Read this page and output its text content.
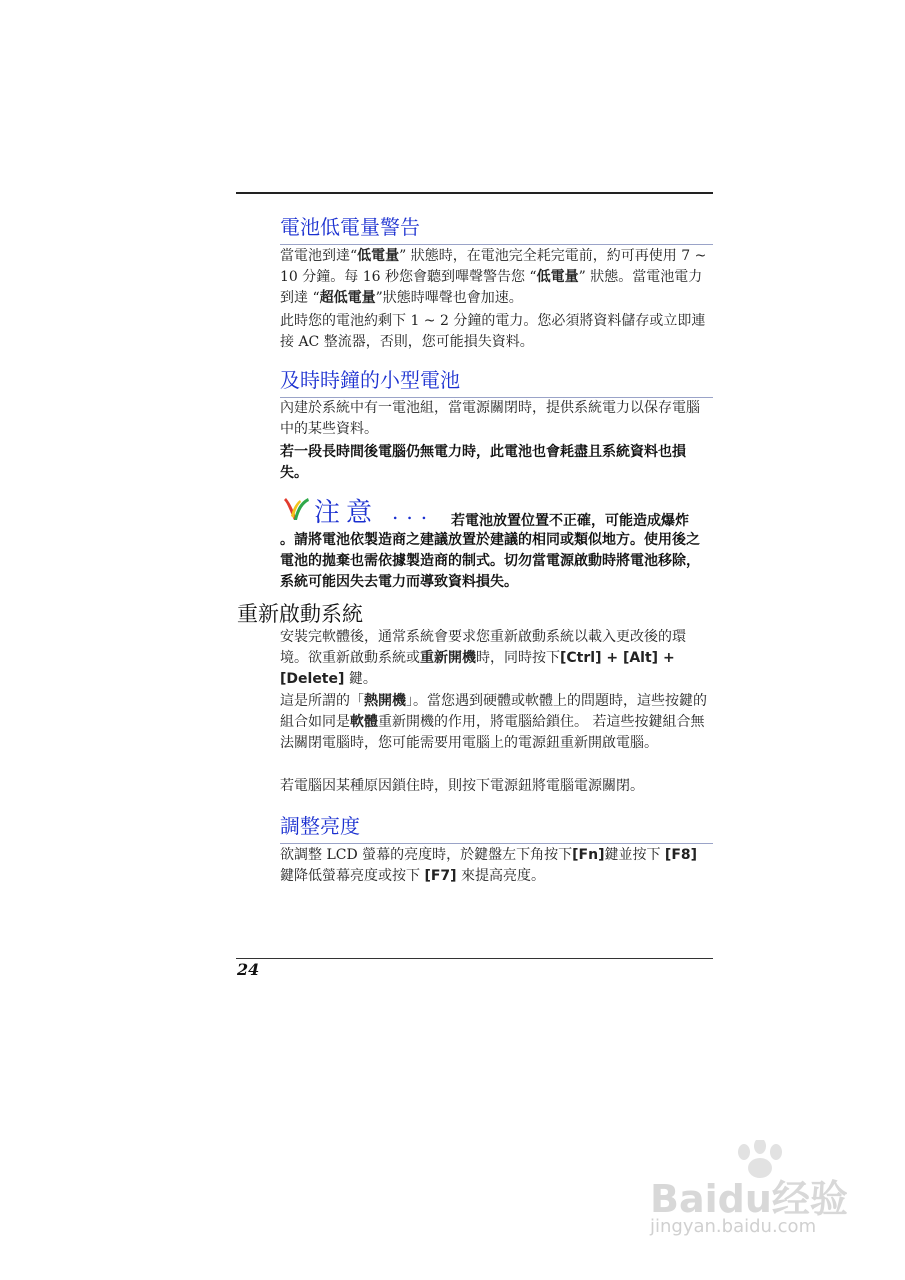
電池低電量警告
當電池到達“低電量” 狀態時，在電池完全耗完電前，約可再使用 7 ~ 10 分鐘。每 16 秒您會聽到嗶聲警告您 “低電量” 狀態。當電池電力到達 “超低電量”狀態時嗶聲也會加速。
此時您的電池約剩下 1 ~ 2 分鐘的電力。您必須將資料儲存或立即連接 AC 整流器，否則，您可能損失資料。
及時時鐘的小型電池
內建於系統中有一電池組，當電源關閉時，提供系統電力以保存電腦中的某些資料。
若一段長時間後電腦仍無電力時，此電池也會耗盡且系統資料也損失。
注意 ... 若電池放置位置不正確，可能造成爆炸
。請將電池依製造商之建議放置於建議的相同或類似地方。使用後之電池的拋棄也需依據製造商的制式。切勿當電源啟動時將電池移除，系統可能因失去電力而導致資料損失。
重新啟動系統
安裝完軟體後，通常系統會要求您重新啟動系統以載入更改後的環境。欲重新啟動系統或重新開機時，同時按下[Ctrl] + [Alt] + [Delete] 鍵。
這是所謂的「熱開機」。當您遇到硬體或軟體上的問題時，這些按鍵的組合如同是軟體重新開機的作用，將電腦給鎖住。 若這些按鍵組合無法關閉電腦時，您可能需要用電腦上的電源鈕重新開啟電腦。
若電腦因某種原因鎖住時，則按下電源鈕將電腦電源關閉。
調整亮度
欲調整 LCD 螢幕的亮度時，於鍵盤左下角按下[Fn]鍵並按下 [F8] 鍵降低螢幕亮度或按下 [F7] 來提高亮度。
24
Baidu经验
jingyan.baidu.com
